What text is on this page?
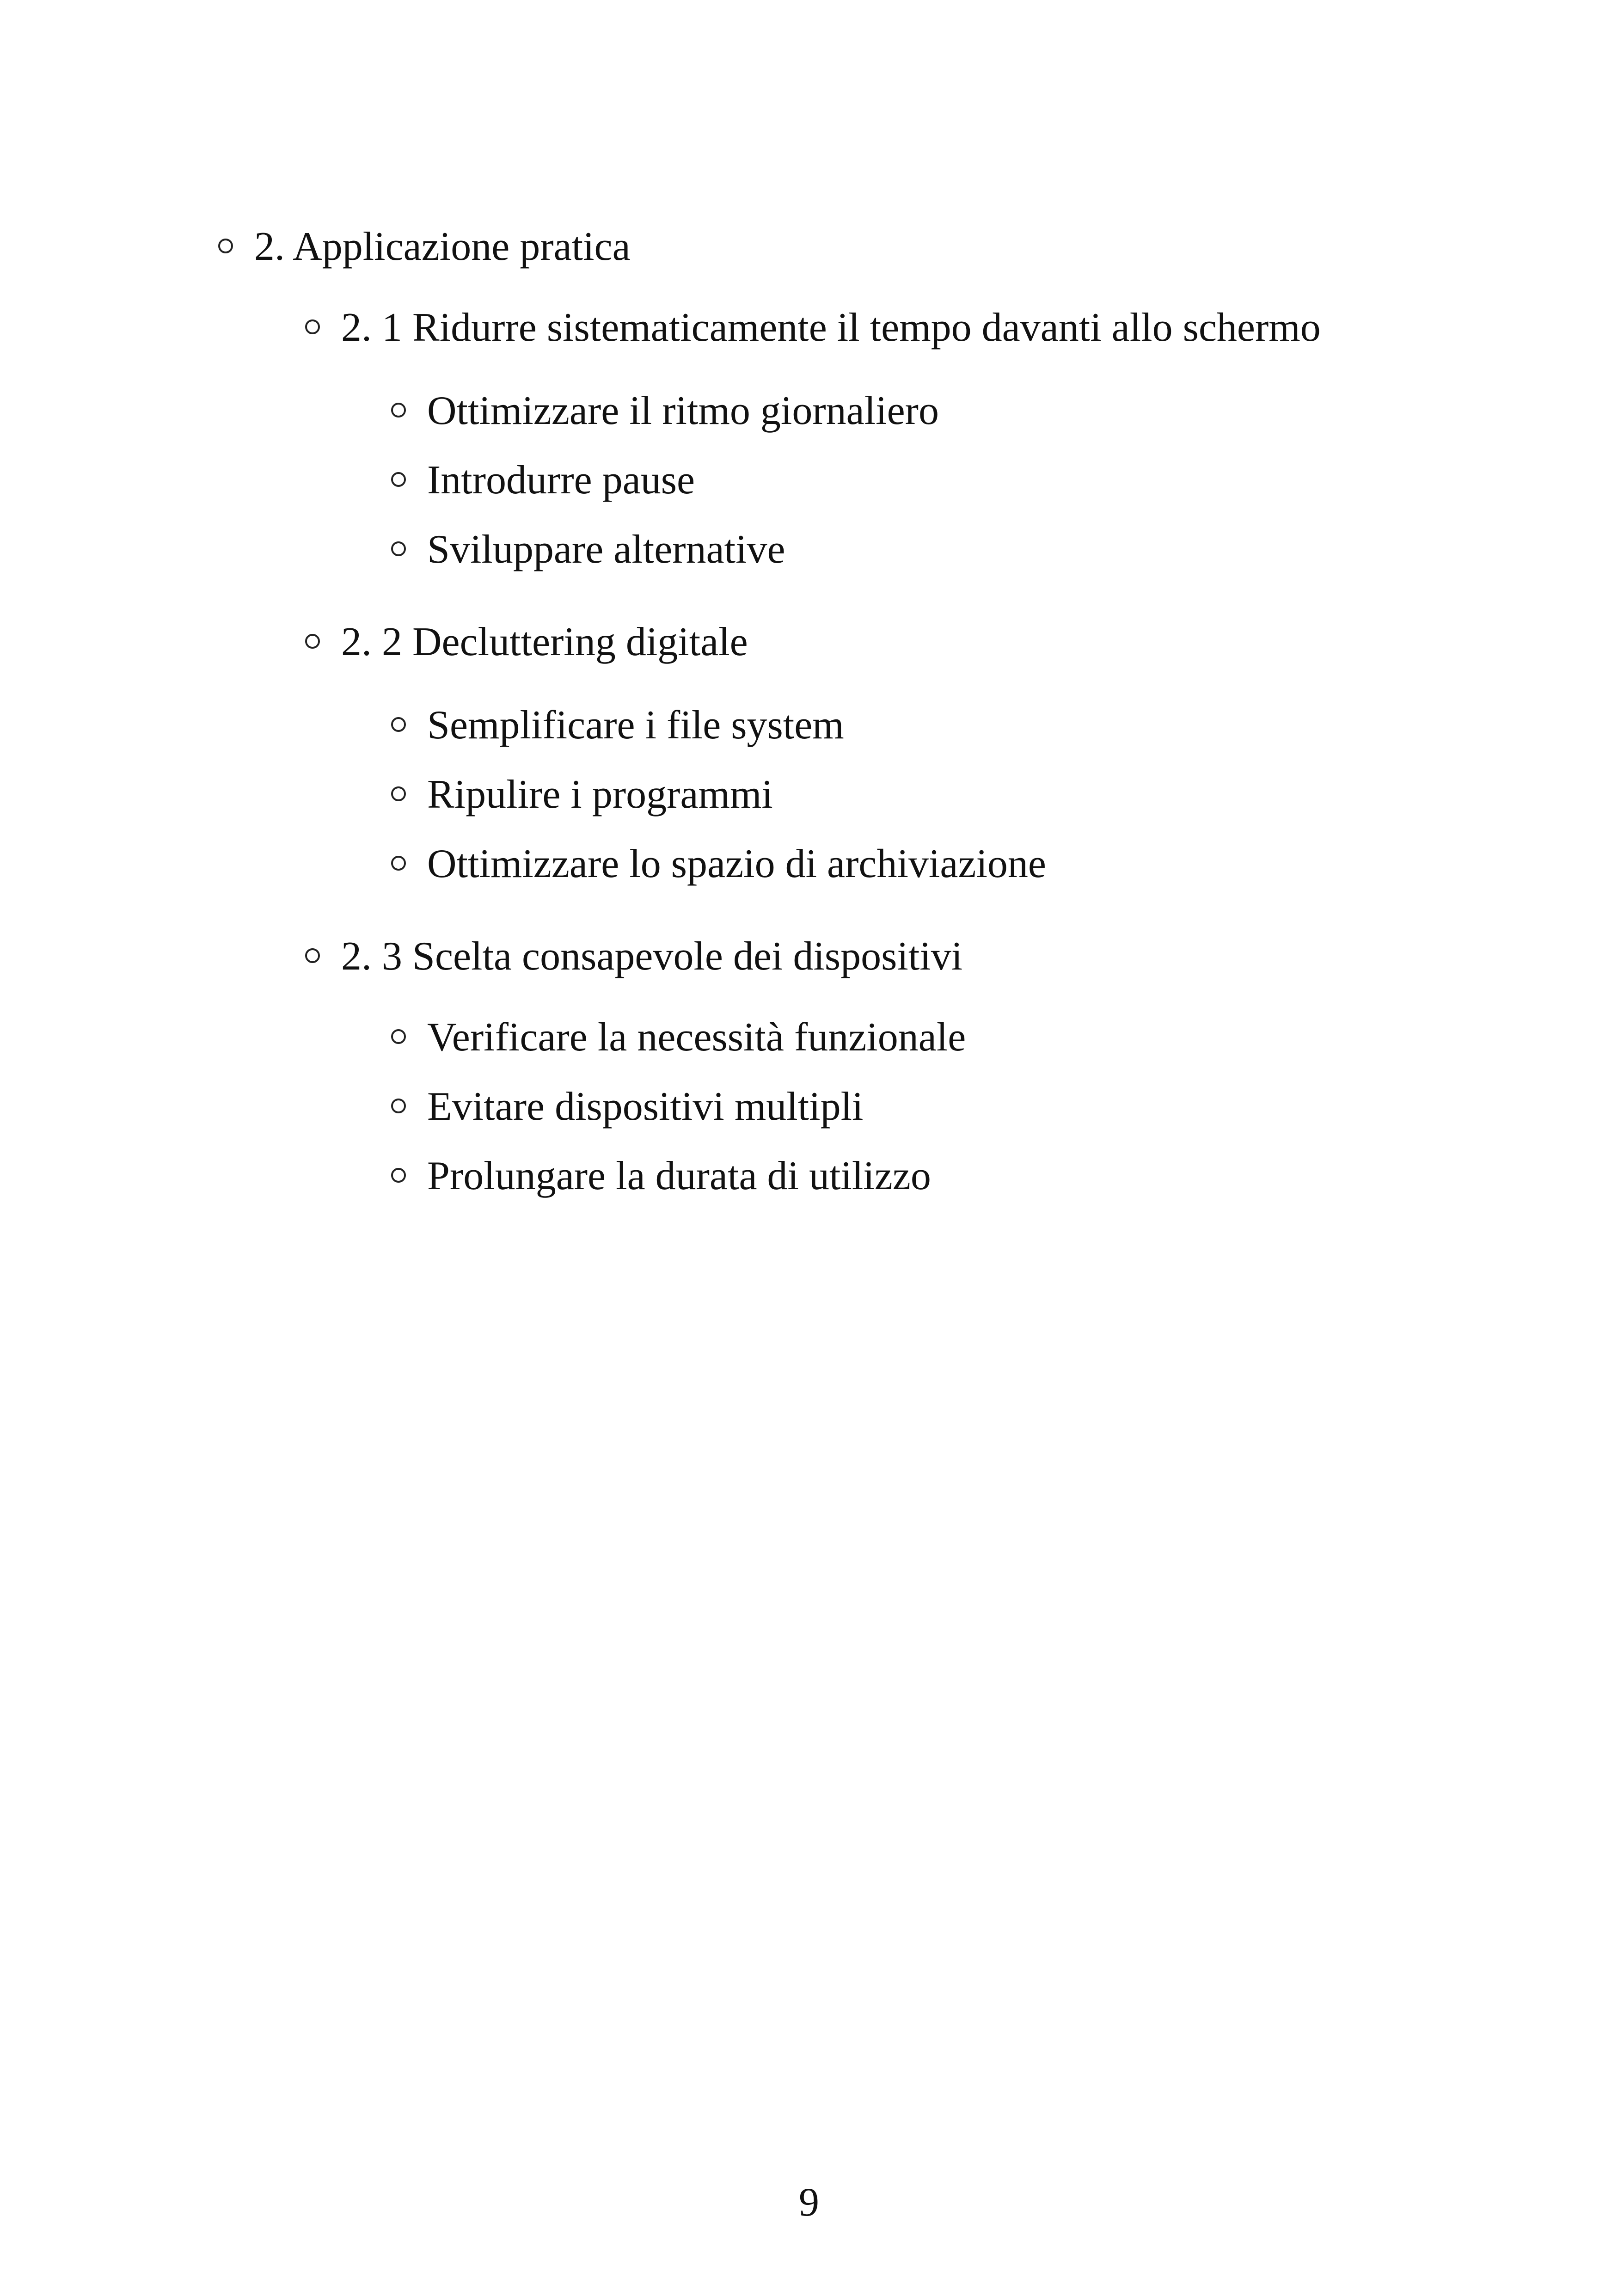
2. Applicazione pratica
2. 1 Ridurre sistematicamente il tempo davanti allo schermo
Ottimizzare il ritmo giornaliero
Introdurre pause
Sviluppare alternative
2. 2 Decluttering digitale
Semplificare i file system
Ripulire i programmi
Ottimizzare lo spazio di archiviazione
2. 3 Scelta consapevole dei dispositivi
Verificare la necessità funzionale
Evitare dispositivi multipli
Prolungare la durata di utilizzo
9
